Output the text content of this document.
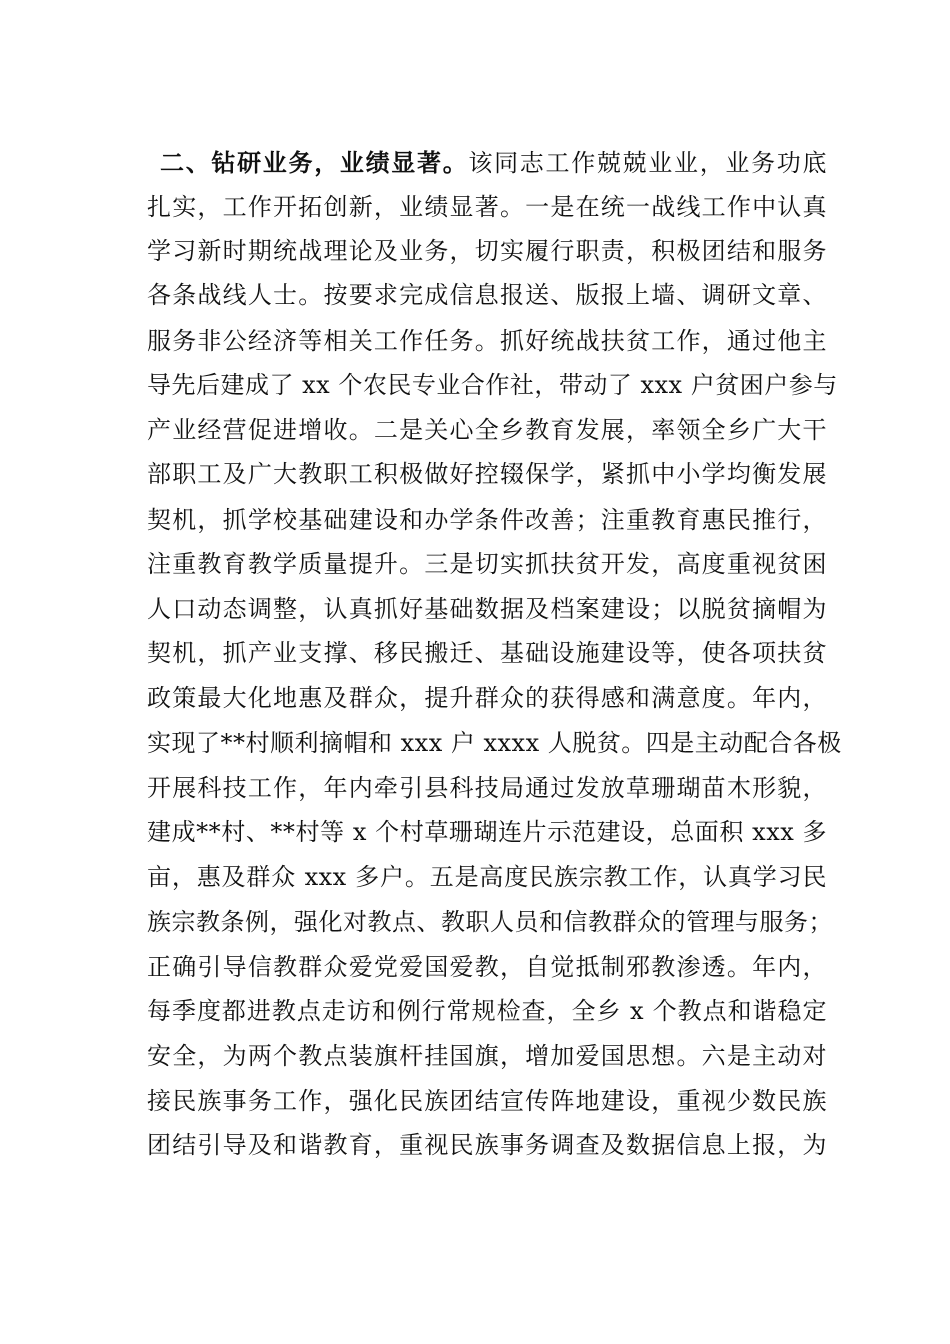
二、钻研业务，业绩显著。该同志工作兢兢业业，业务功底
扎实，工作开拓创新，业绩显著。一是在统一战线工作中认真
学习新时期统战理论及业务，切实履行职责，积极团结和服务
各条战线人士。按要求完成信息报送、版报上墙、调研文章、
服务非公经济等相关工作任务。抓好统战扶贫工作，通过他主
导先后建成了 xx 个农民专业合作社，带动了 xxx 户贫困户参与
产业经营促进增收。二是关心全乡教育发展，率领全乡广大干
部职工及广大教职工积极做好控辍保学，紧抓中小学均衡发展
契机，抓学校基础建设和办学条件改善；注重教育惠民推行，
注重教育教学质量提升。三是切实抓扶贫开发，高度重视贫困
人口动态调整，认真抓好基础数据及档案建设；以脱贫摘帽为
契机，抓产业支撑、移民搬迁、基础设施建设等，使各项扶贫
政策最大化地惠及群众，提升群众的获得感和满意度。年内，
实现了**村顺利摘帽和 xxx 户 xxxx 人脱贫。四是主动配合各极
开展科技工作，年内牵引县科技局通过发放草珊瑚苗木形貌，
建成**村、**村等 x 个村草珊瑚连片示范建设，总面积 xxx 多
亩，惠及群众 xxx 多户。五是高度民族宗教工作，认真学习民
族宗教条例，强化对教点、教职人员和信教群众的管理与服务；
正确引导信教群众爱党爱国爱教，自觉抵制邪教渗透。年内，
每季度都进教点走访和例行常规检查，全乡 x 个教点和谐稳定
安全，为两个教点装旗杆挂国旗，增加爱国思想。六是主动对
接民族事务工作，强化民族团结宣传阵地建设，重视少数民族
团结引导及和谐教育，重视民族事务调查及数据信息上报，为
